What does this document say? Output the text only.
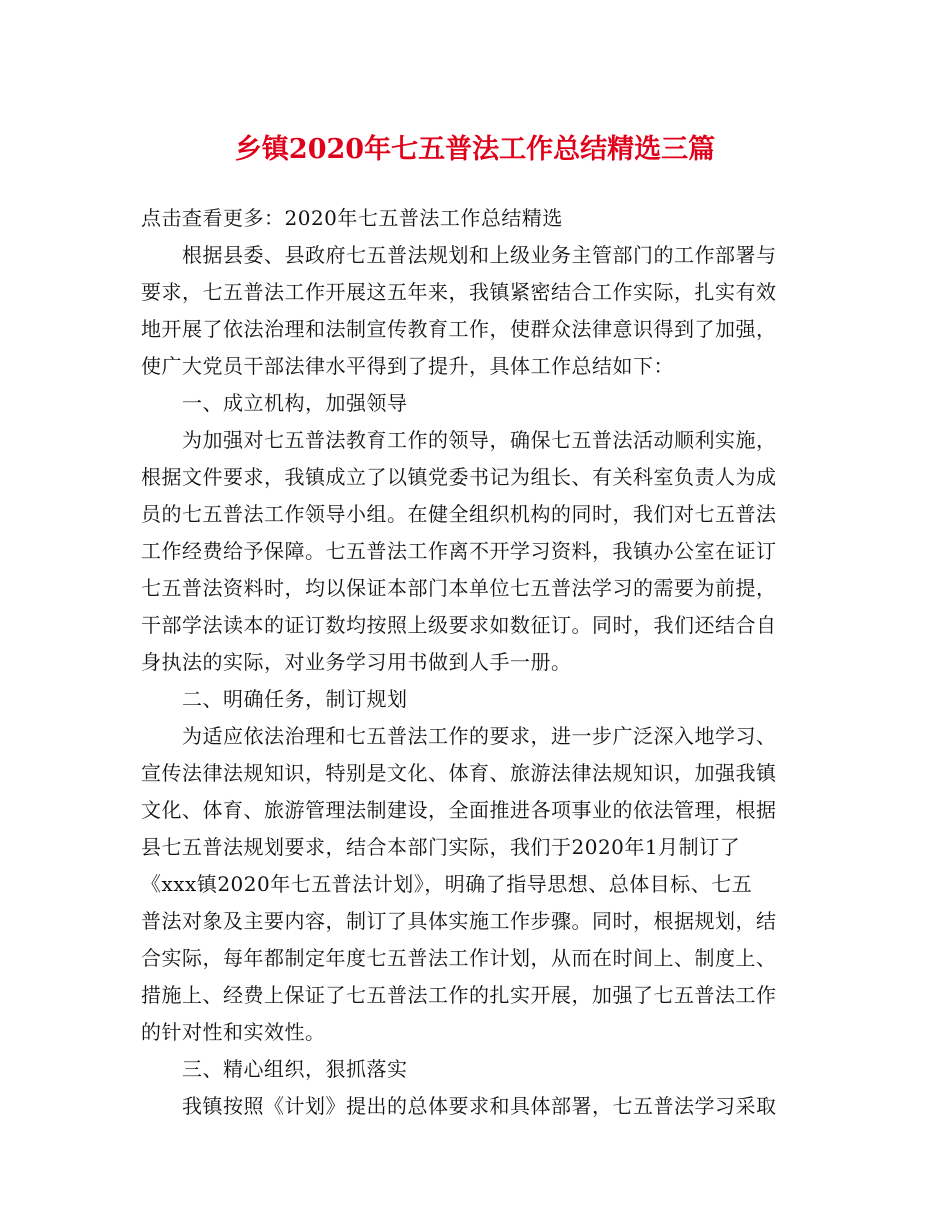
乡镇2020年七五普法工作总结精选三篇
点击查看更多：2020年七五普法工作总结精选
根据县委、县政府七五普法规划和上级业务主管部门的工作部署与
要求，七五普法工作开展这五年来，我镇紧密结合工作实际，扎实有效
地开展了依法治理和法制宣传教育工作，使群众法律意识得到了加强，
使广大党员干部法律水平得到了提升，具体工作总结如下：
一、成立机构，加强领导
为加强对七五普法教育工作的领导，确保七五普法活动顺利实施，
根据文件要求，我镇成立了以镇党委书记为组长、有关科室负责人为成
员的七五普法工作领导小组。在健全组织机构的同时，我们对七五普法
工作经费给予保障。七五普法工作离不开学习资料，我镇办公室在证订
七五普法资料时，均以保证本部门本单位七五普法学习的需要为前提，
干部学法读本的证订数均按照上级要求如数征订。同时，我们还结合自
身执法的实际，对业务学习用书做到人手一册。
二、明确任务，制订规划
为适应依法治理和七五普法工作的要求，进一步广泛深入地学习、
宣传法律法规知识，特别是文化、体育、旅游法律法规知识，加强我镇
文化、体育、旅游管理法制建设，全面推进各项事业的依法管理，根据
县七五普法规划要求，结合本部门实际，我们于2020年1月制订了
《xxx镇2020年七五普法计划》，明确了指导思想、总体目标、七五
普法对象及主要内容，制订了具体实施工作步骤。同时，根据规划，结
合实际，每年都制定年度七五普法工作计划，从而在时间上、制度上、
措施上、经费上保证了七五普法工作的扎实开展，加强了七五普法工作
的针对性和实效性。
三、精心组织，狠抓落实
我镇按照《计划》提出的总体要求和具体部署，七五普法学习采取
